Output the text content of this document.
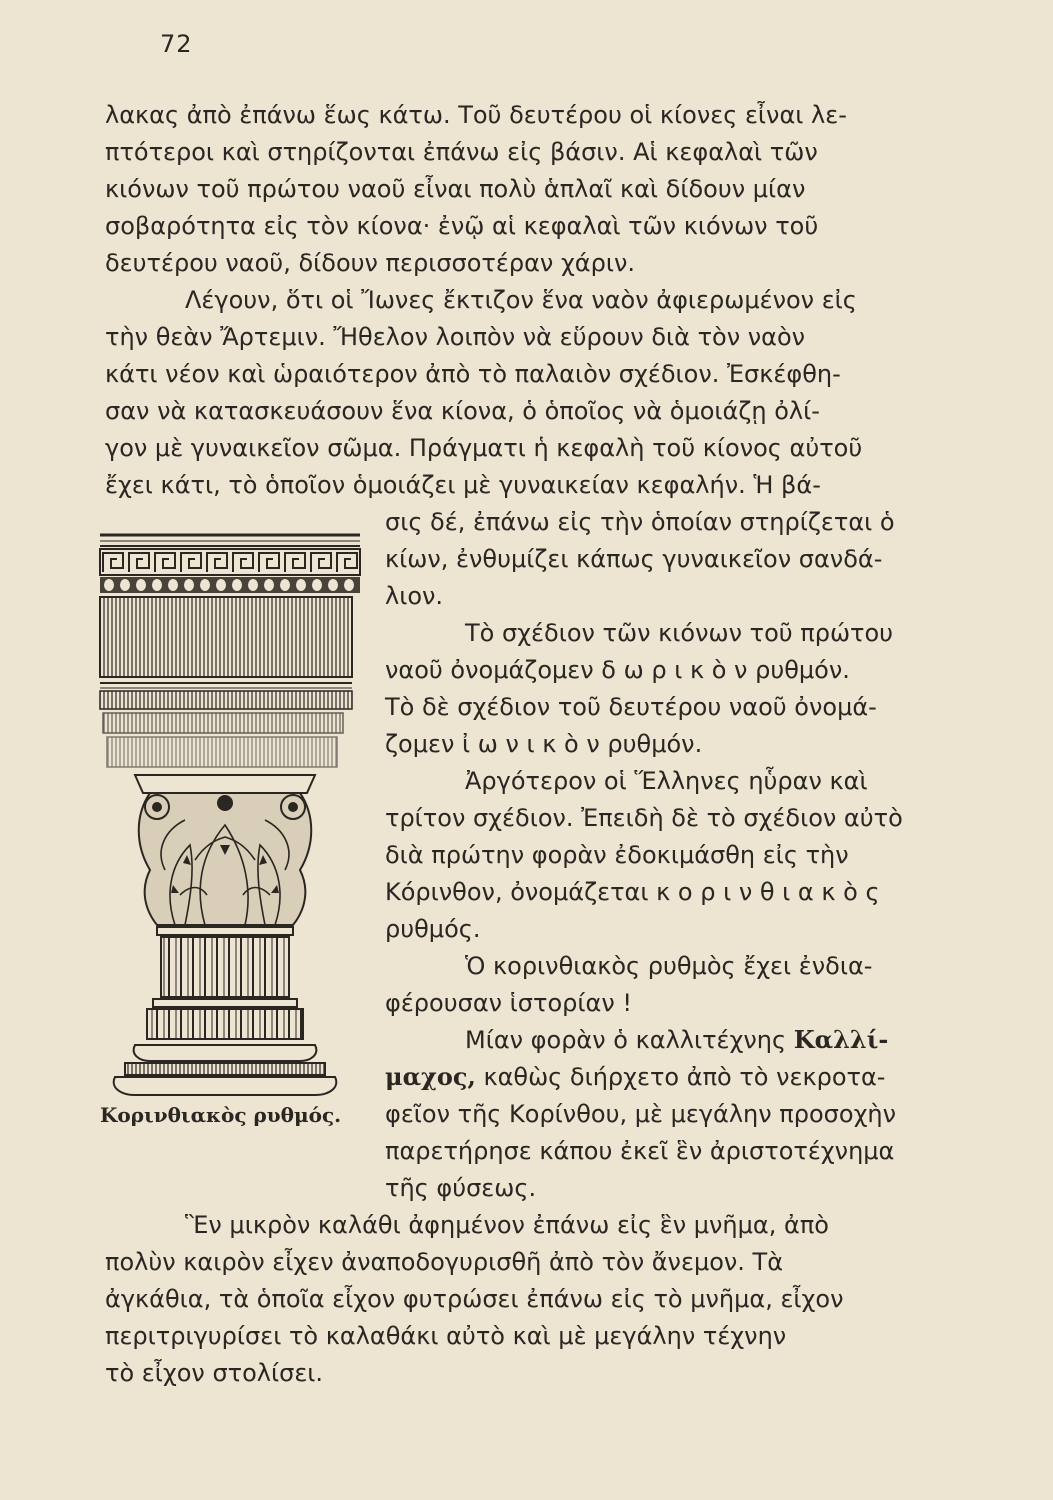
72
λακας ἀπὸ ἐπάνω ἕως κάτω. Τοῦ δευτέρου οἱ κίονες εἶναι λε-
πτότεροι καὶ στηρίζονται ἐπάνω εἰς βάσιν. Αἱ κεφαλαὶ τῶν
κιόνων τοῦ πρώτου ναοῦ εἶναι πολὺ ἁπλαῖ καὶ δίδουν μίαν
σοβαρότητα εἰς τὸν κίονα· ἐνῷ αἱ κεφαλαὶ τῶν κιόνων τοῦ
δευτέρου ναοῦ, δίδουν περισσοτέραν χάριν.
Λέγουν, ὅτι οἱ Ἴωνες ἔκτιζον ἕνα ναὸν ἀφιερωμένον εἰς
τὴν θεὰν Ἄρτεμιν. Ἤθελον λοιπὸν νὰ εὕρουν διὰ τὸν ναὸν
κάτι νέον καὶ ὡραιότερον ἀπὸ τὸ παλαιὸν σχέδιον. Ἐσκέφθη-
σαν νὰ κατασκευάσουν ἕνα κίονα, ὁ ὁποῖος νὰ ὁμοιάζῃ ὀλί-
γον μὲ γυναικεῖον σῶμα. Πράγματι ἡ κεφαλὴ τοῦ κίονος αὐτοῦ
ἔχει κάτι, τὸ ὁποῖον ὁμοιάζει μὲ γυναικείαν κεφαλήν. Ἡ βά-
σις δέ, ἐπάνω εἰς τὴν ὁποίαν στηρίζεται ὁ
κίων, ἐνθυμίζει κάπως γυναικεῖον σανδά-
λιον.
Τὸ σχέδιον τῶν κιόνων τοῦ πρώτου
ναοῦ ὀνομάζομεν δ ω ρ ι κ ὸ ν ρυθμόν.
Τὸ δὲ σχέδιον τοῦ δευτέρου ναοῦ ὀνομά-
ζομεν ἰ ω ν ι κ ὸ ν ρυθμόν.
Ἀργότερον οἱ Ἕλληνες ηὗραν καὶ
τρίτον σχέδιον. Ἐπειδὴ δὲ τὸ σχέδιον αὐτὸ
διὰ πρώτην φορὰν ἐδοκιμάσθη εἰς τὴν
Κόρινθον, ὀνομάζεται κ ο ρ ι ν θ ι α κ ὸ ς
ρυθμός.
Ὁ κορινθιακὸς ρυθμὸς ἔχει ἐνδια-
φέρουσαν ἱστορίαν !
Μίαν φορὰν ὁ καλλιτέχνης Καλλί-
μαχος, καθὼς διήρχετο ἀπὸ τὸ νεκροτα-
φεῖον τῆς Κορίνθου, μὲ μεγάλην προσοχὴν
παρετήρησε κάπου ἐκεῖ ἓν ἀριστοτέχνημα
τῆς φύσεως.
Ἓν μικρὸν καλάθι ἀφημένον ἐπάνω εἰς ἓν μνῆμα, ἀπὸ
πολὺν καιρὸν εἶχεν ἀναποδογυρισθῆ ἀπὸ τὸν ἄνεμον. Τὰ
ἀγκάθια, τὰ ὁποῖα εἶχον φυτρώσει ἐπάνω εἰς τὸ μνῆμα, εἶχον
περιτριγυρίσει τὸ καλαθάκι αὐτὸ καὶ μὲ μεγάλην τέχνην
τὸ εἶχον στολίσει.
Κορινθιακὸς ρυθμός.
